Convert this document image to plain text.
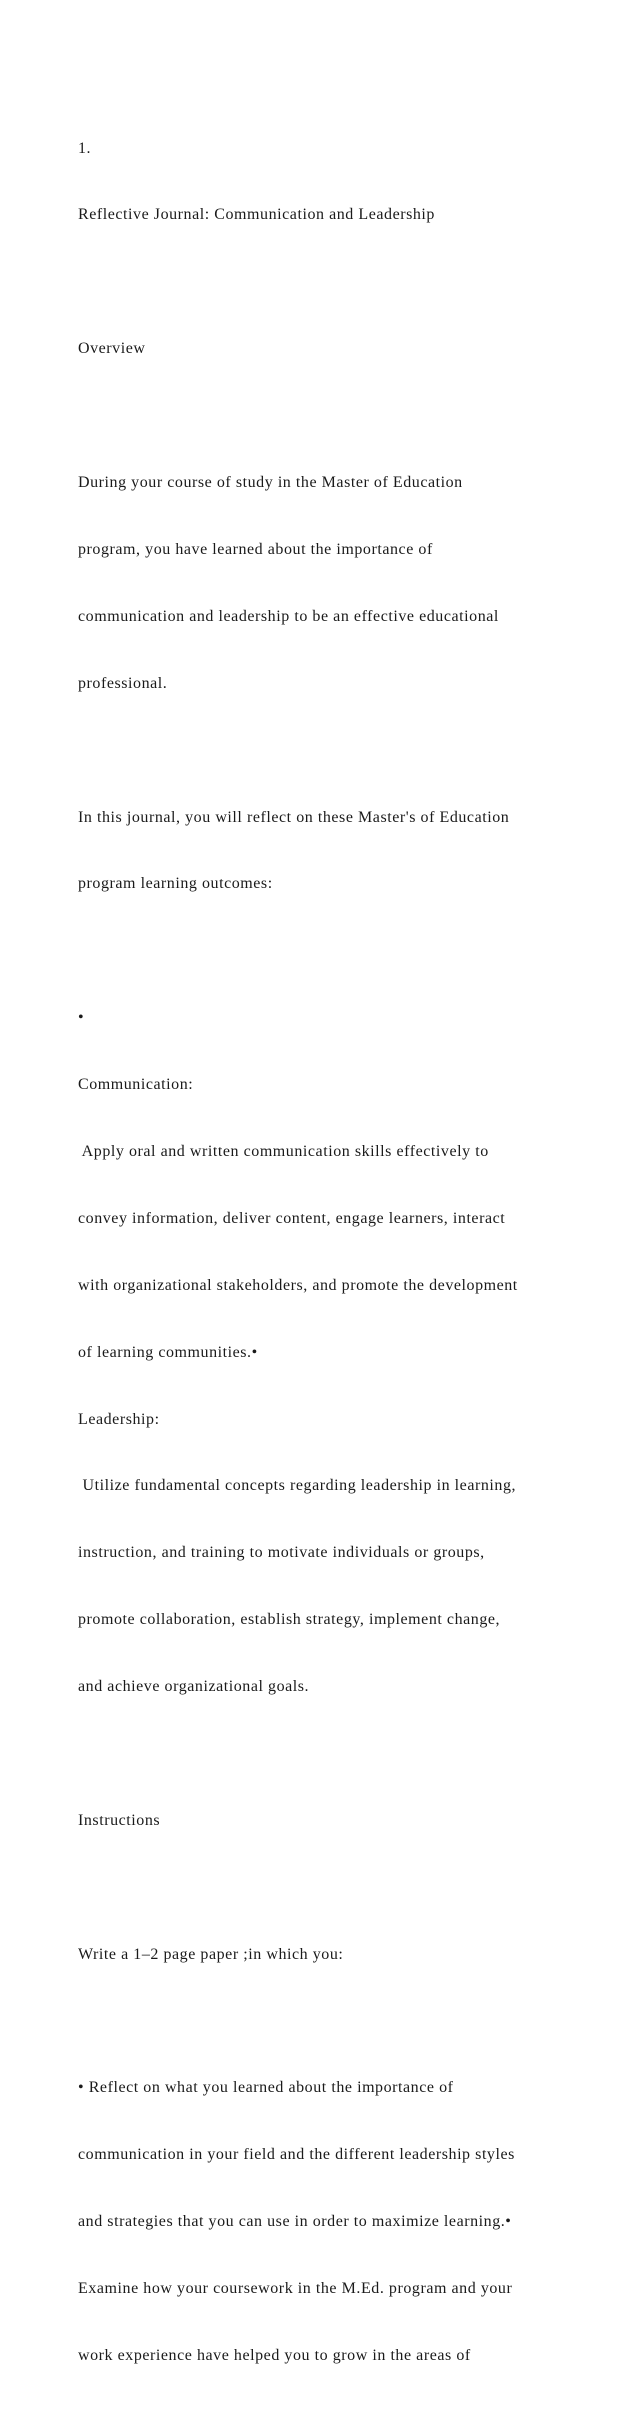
1.

Reflective Journal: Communication and Leadership

Overview

During your course of study in the Master of Education

program, you have learned about the importance of

communication and leadership to be an effective educational

professional.

In this journal, you will reflect on these Master's of Education

program learning outcomes:

•

Communication:

Apply oral and written communication skills effectively to

convey information, deliver content, engage learners, interact

with organizational stakeholders, and promote the development

of learning communities.•

Leadership:

Utilize fundamental concepts regarding leadership in learning,

instruction, and training to motivate individuals or groups,

promote collaboration, establish strategy, implement change,

and achieve organizational goals.

Instructions

Write a 1–2 page paper ;in which you:

• Reflect on what you learned about the importance of

communication in your field and the different leadership styles

and strategies that you can use in order to maximize learning.•

Examine how your coursework in the M.Ed. program and your

work experience have helped you to grow in the areas of
